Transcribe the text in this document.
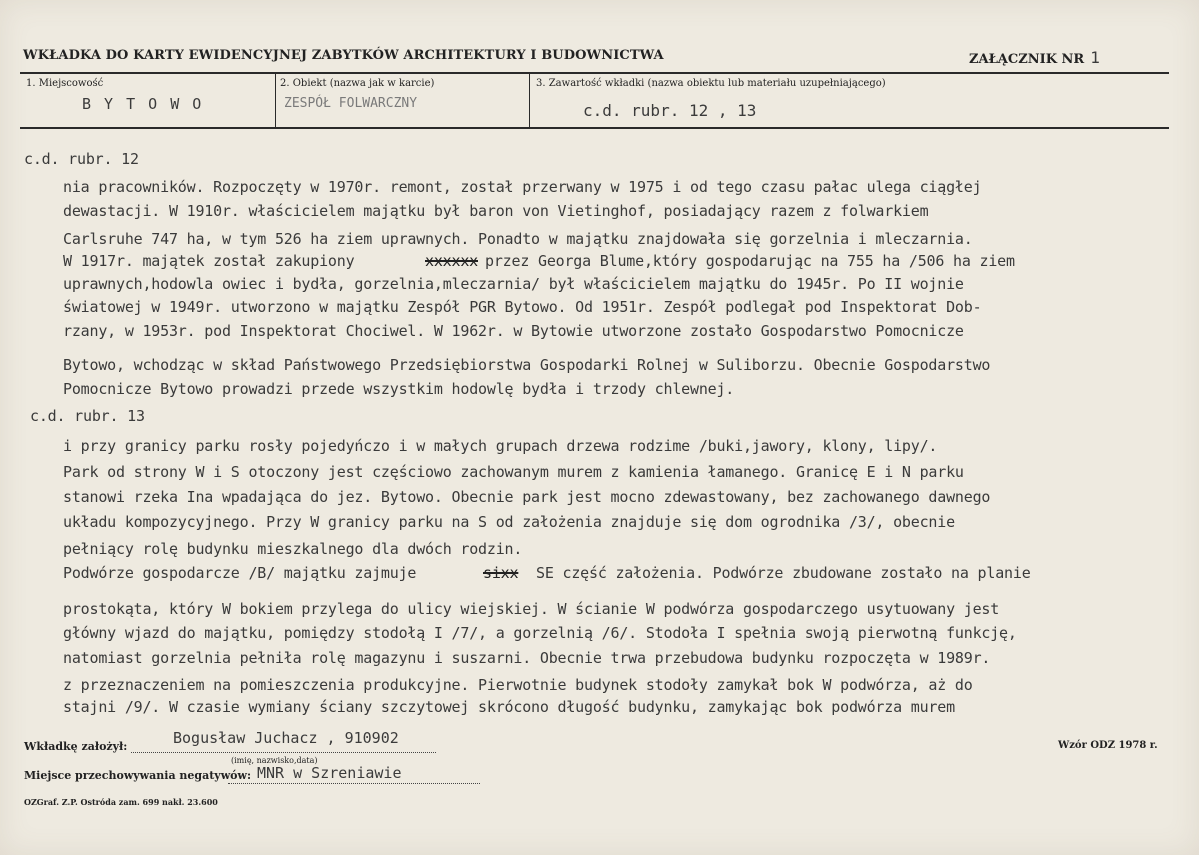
WKŁADKA DO KARTY EWIDENCYJNEJ ZABYTKÓW ARCHITEKTURY I BUDOWNICTWA	ZAŁĄCZNIK NR 1
1. Miejscowość
B Y T O W O
2. Obiekt (nazwa jak w karcie)
ZESPÓŁ FOLWARCZNY
3. Zawartość wkładki (nazwa obiektu lub materiału uzupełniającego)
c.d. rubr. 12 , 13
c.d. rubr. 12
nia pracowników. Rozpoczęty w 1970r. remont, został przerwany w 1975 i od tego czasu pałac ulega ciągłej
dewastacji. W 1910r. właścicielem majątku był baron von Vietinghof, posiadający razem z folwarkiem
Carlsruhe 747 ha, w tym 526 ha ziem uprawnych. Ponadto w majątku znajdowała się gorzelnia i mleczarnia.
W 1917r. majątek został zakupiony	xxxxxx przez Georga Blume,który gospodarując na 755 ha /506 ha ziem
uprawnych,hodowla owiec i bydła, gorzelnia,mleczarnia/ był właścicielem majątku do 1945r. Po II wojnie
światowej w 1949r. utworzono w majątku Zespół PGR Bytowo. Od 1951r. Zespół podlegał pod Inspektorat Dob-
rzany, w 1953r. pod Inspektorat Chociwel. W 1962r. w Bytowie utworzone zostało Gospodarstwo Pomocnicze
Bytowo, wchodząc w skład Państwowego Przedsiębiorstwa Gospodarki Rolnej w Suliborzu. Obecnie Gospodarstwo
Pomocnicze Bytowo prowadzi przede wszystkim hodowlę bydła i trzody chlewnej.
c.d. rubr. 13
i przy granicy parku rosły pojedyńczo i w małych grupach drzewa rodzime /buki,jawory, klony, lipy/.
Park od strony W i S otoczony jest częściowo zachowanym murem z kamienia łamanego. Granicę E i N parku
stanowi rzeka Ina wpadająca do jez. Bytowo. Obecnie park jest mocno zdewastowany, bez zachowanego dawnego
układu kompozycyjnego. Przy W granicy parku na S od założenia znajduje się dom ogrodnika /3/, obecnie
pełniący rolę budynku mieszkalnego dla dwóch rodzin.
Podwórze gospodarcze /B/ majątku zajmuje	sixx SE część założenia. Podwórze zbudowane zostało na planie
prostokąta, który W bokiem przylega do ulicy wiejskiej. W ścianie W podwórza gospodarczego usytuowany jest
główny wjazd do majątku, pomiędzy stodołą I /7/, a gorzelnią /6/. Stodoła I spełnia swoją pierwotną funkcję,
natomiast gorzelnia pełniła rolę magazynu i suszarni. Obecnie trwa przebudowa budynku rozpoczęta w 1989r.
z przeznaczeniem na pomieszczenia produkcyjne. Pierwotnie budynek stodoły zamykał bok W podwórza, aż do
stajni /9/. W czasie wymiany ściany szczytowej skrócono długość budynku, zamykając bok podwórza murem
Wkładkę założył:	Bogusław Juchacz , 910902
(imię, nazwisko,data)
Miejsce przechowywania negatywów: MNR w Szreniawie
OZGraf. Z.P. Ostróda zam. 699 nakł. 23.600
Wzór ODZ 1978 r.
